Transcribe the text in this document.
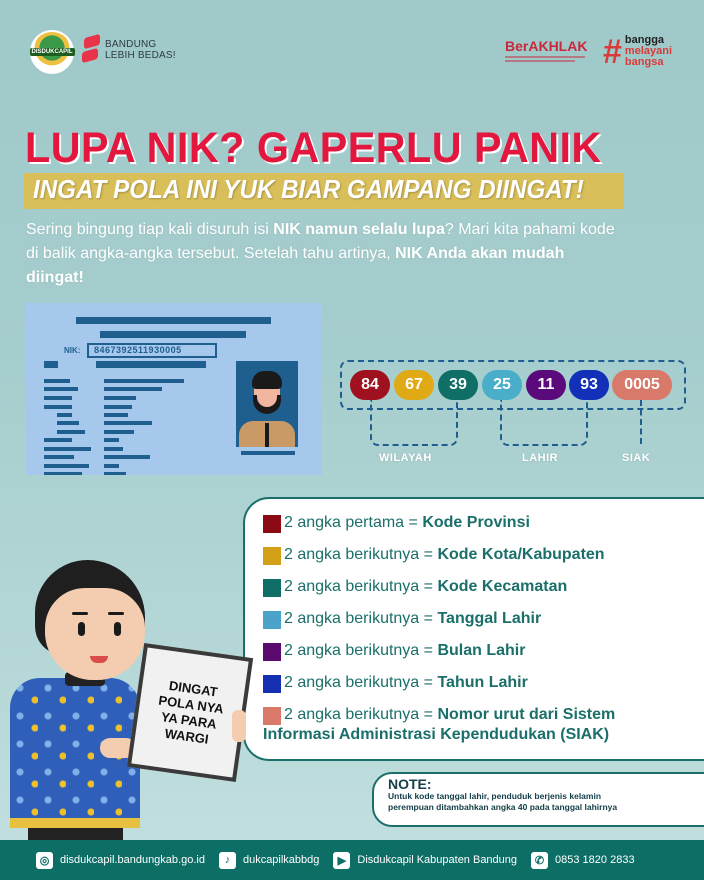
DISDUKCAPIL
BANDUNG
LEBIH BEDAS!
BerAKHLAK # bangga
melayani
bangsa
LUPA NIK? GAPERLU PANIK
INGAT POLA INI YUK BIAR GAMPANG DIINGAT!
Sering bingung tiap kali disuruh isi NIK namun selalu lupa? Mari kita pahami kode di balik angka-angka tersebut. Setelah tahu artinya, NIK Anda akan mudah diingat!
NIK:	8467392511930005
84	67	39	25	11	93	0005
WILAYAH	LAHIR	SIAK
2 angka pertama =
Kode Provinsi
2 angka berikutnya =
Kode Kota/Kabupaten
2 angka berikutnya =
Kode Kecamatan
2 angka berikutnya =
Tanggal Lahir
2 angka berikutnya =
Bulan Lahir
2 angka berikutnya =
Tahun Lahir
2 angka berikutnya =
Nomor urut dari Sistem
Informasi Administrasi Kependudukan (SIAK)
NOTE:
Untuk kode tanggal lahir, penduduk berjenis kelamin
perempuan ditambahkan angka 40 pada tanggal lahirnya
DINGAT
POLA NYA
YA PARA
WARGI
◎ disdukcapil.bandungkab.go.id	♪	dukcapilkabbdg	▶	Disdukcapil Kabupaten Bandung	✆ 0853 1820 2833
